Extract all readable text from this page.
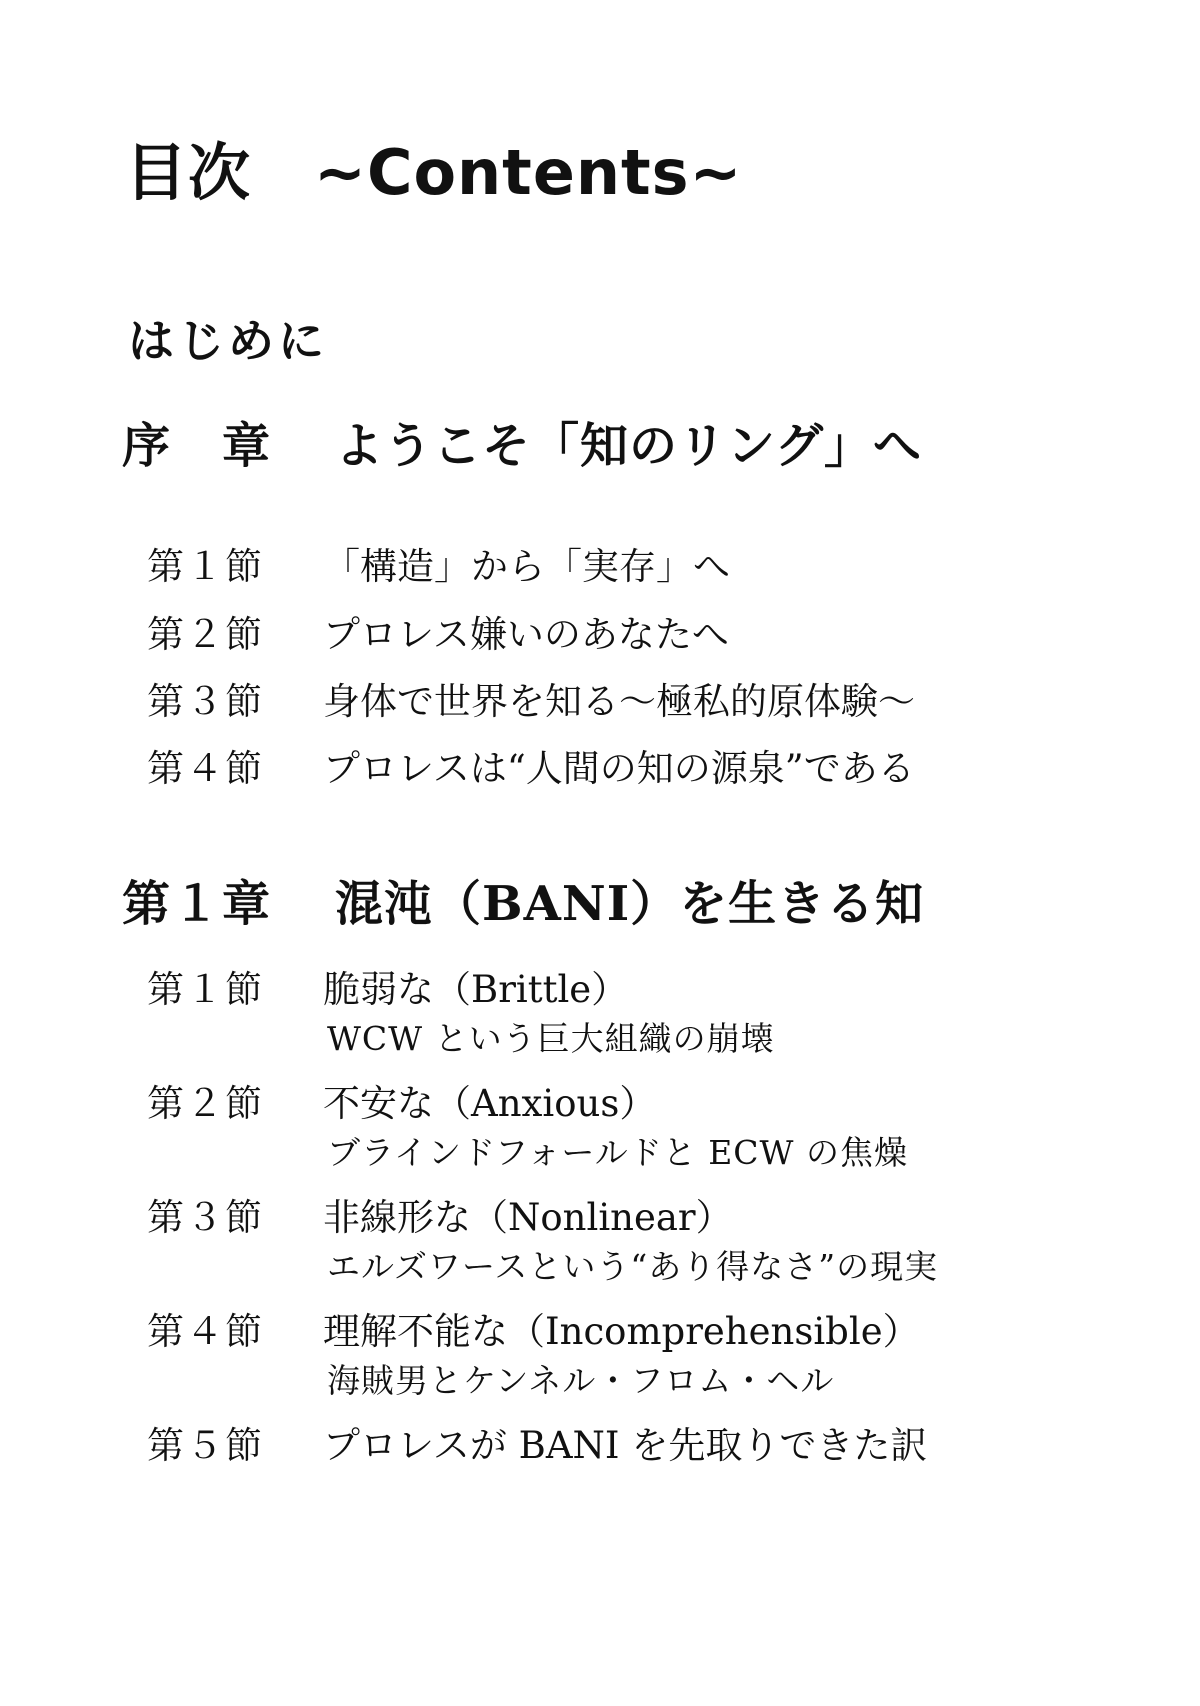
目次　~Contents~
はじめに
序　章 ようこそ「知のリング」へ
第１節 「構造」から「実存」へ
第２節 プロレス嫌いのあなたへ
第３節 身体で世界を知る～極私的原体験～
第４節 プロレスは“人間の知の源泉”である
第１章 混沌（BANI）を生きる知
第１節 脆弱な（Brittle）
WCW という巨大組織の崩壊
第２節 不安な（Anxious）
ブラインドフォールドと ECW の焦燥
第３節 非線形な（Nonlinear）
エルズワースという“あり得なさ”の現実
第４節 理解不能な（Incomprehensible）
海賊男とケンネル・フロム・ヘル
第５節 プロレスが BANI を先取りできた訳
